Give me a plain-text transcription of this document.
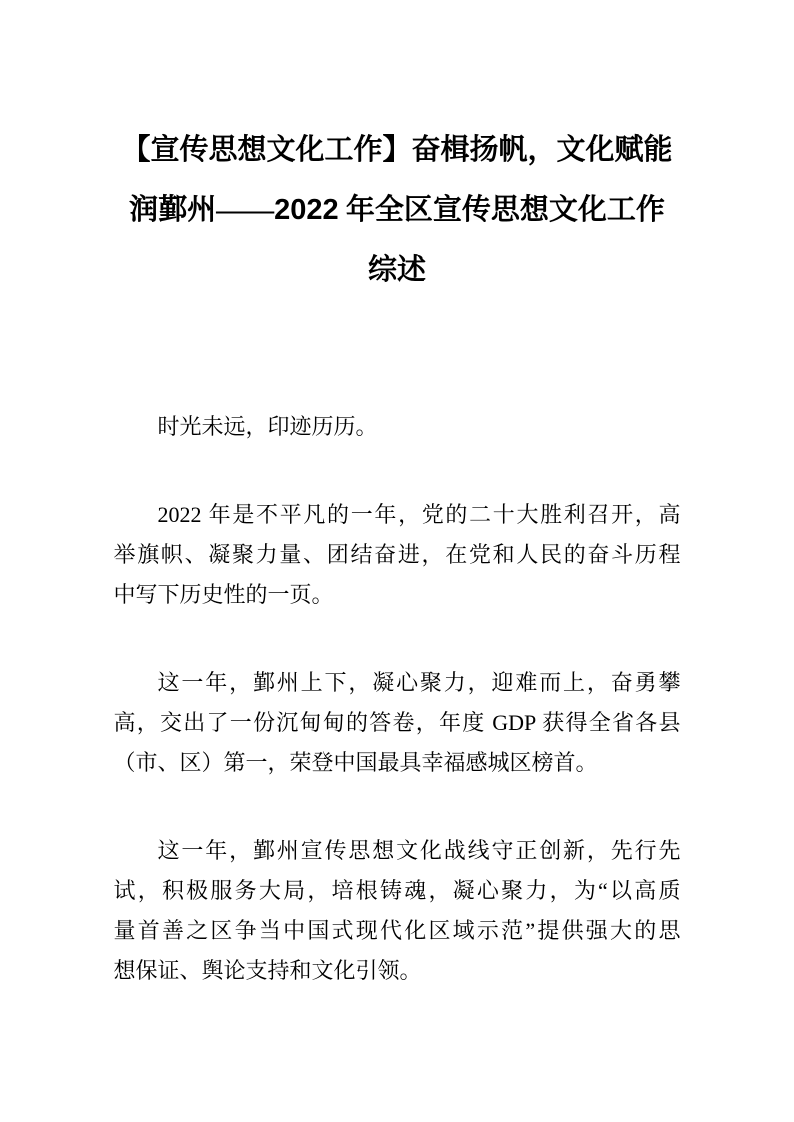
【宣传思想文化工作】奋楫扬帆，文化赋能
润鄞州——2022 年全区宣传思想文化工作
综述
时光未远，印迹历历。
2022 年是不平凡的一年，党的二十大胜利召开，高
举旗帜、凝聚力量、团结奋进，在党和人民的奋斗历程
中写下历史性的一页。
这一年，鄞州上下，凝心聚力，迎难而上，奋勇攀
高，交出了一份沉甸甸的答卷，年度 GDP 获得全省各县
（市、区）第一，荣登中国最具幸福感城区榜首。
这一年，鄞州宣传思想文化战线守正创新，先行先
试，积极服务大局，培根铸魂，凝心聚力，为“以高质
量首善之区争当中国式现代化区域示范”提供强大的思
想保证、舆论支持和文化引领。
